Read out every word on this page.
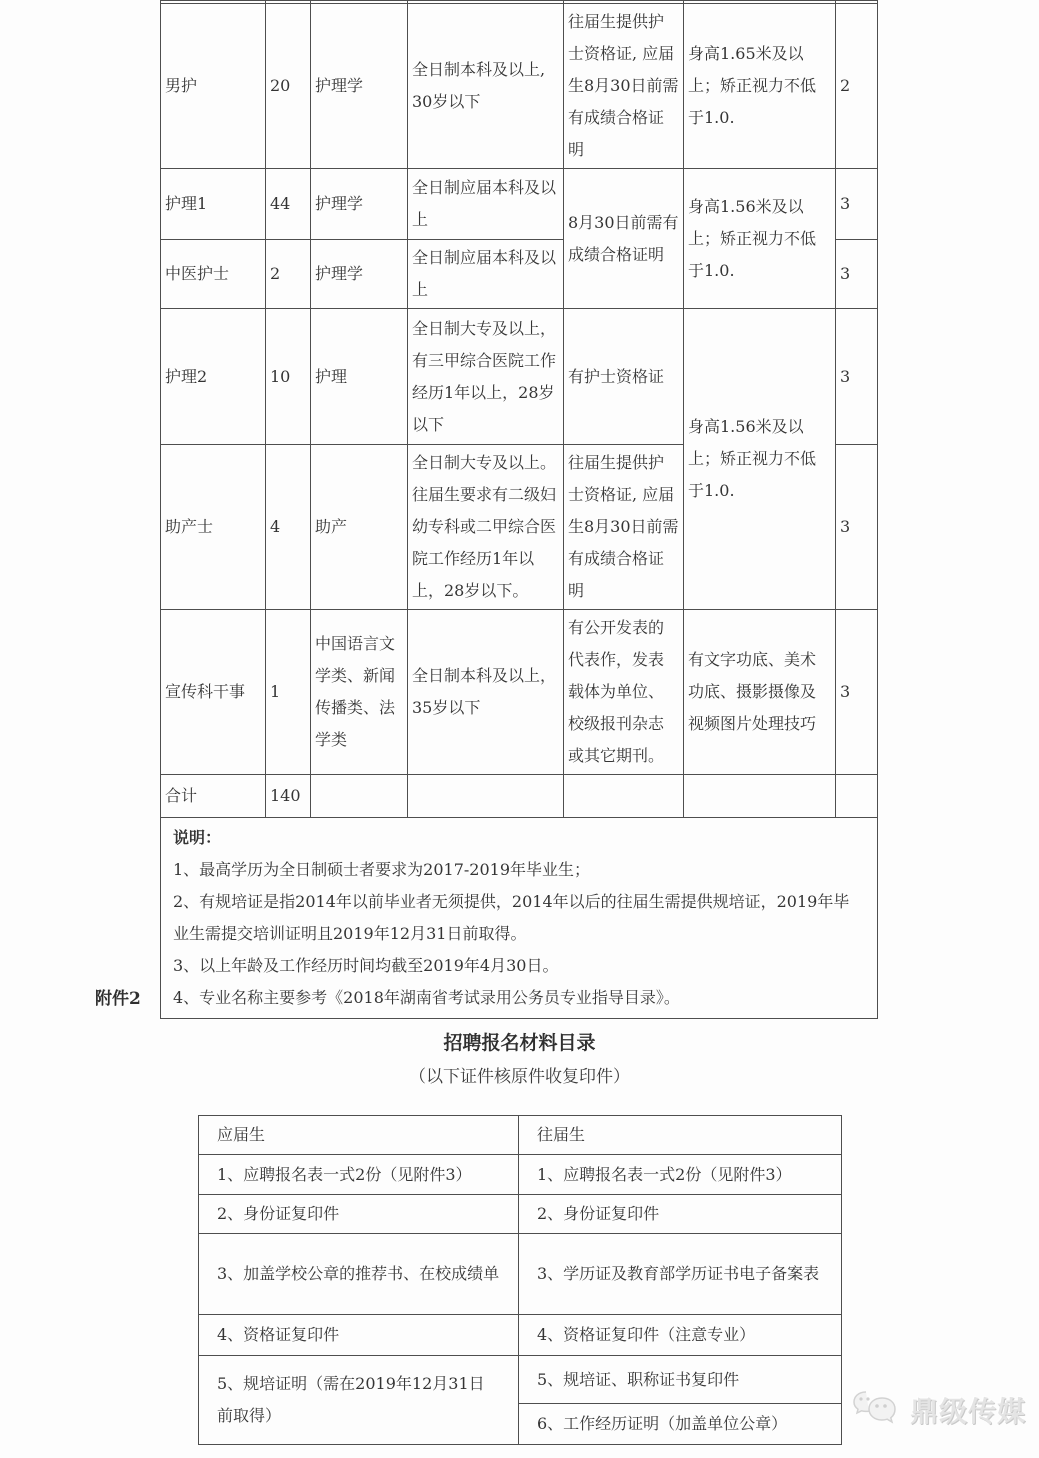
男护	20	护理学	全日制本科及以上, 30岁以下	往届生提供护士资格证, 应届生8月30日前需有成绩合格证明	身高1.65米及以上；矫正视力不低于1.0.	2
护理1	44	护理学	全日制应届本科及以上	8月30日前需有成绩合格证明	身高1.56米及以上；矫正视力不低于1.0.	3
中医护士	2	护理学	全日制应届本科及以上			3
护理2	10	护理	全日制大专及以上，有三甲综合医院工作经历1年以上，28岁以下	有护士资格证	身高1.56米及以上；矫正视力不低于1.0.	3
助产士	4	助产	全日制大专及以上。往届生要求有二级妇幼专科或二甲综合医院工作经历1年以上，28岁以下。	往届生提供护士资格证, 应届生8月30日前需有成绩合格证明		3
宣传科干事	1	中国语言文学类、新闻传播类、法学类	全日制本科及以上，35岁以下	有公开发表的代表作，发表载体为单位、校级报刊杂志或其它期刊。	有文字功底、美术功底、摄影摄像及视频图片处理技巧	3
合计	140					

说明：
1、最高学历为全日制硕士者要求为2017-2019年毕业生；
2、有规培证是指2014年以前毕业者无须提供，2014年以后的往届生需提供规培证，2019年毕业生需提交培训证明且2019年12月31日前取得。
3、以上年龄及工作经历时间均截至2019年4月30日。
4、专业名称主要参考《2018年湖南省考试录用公务员专业指导目录》。						
附件2
招聘报名材料目录
（以下证件核原件收复印件）
应届生	往届生
1、应聘报名表一式2份（见附件3）	1、应聘报名表一式2份（见附件3）
2、身份证复印件	2、身份证复印件
3、加盖学校公章的推荐书、在校成绩单	3、学历证及教育部学历证书电子备案表
4、资格证复印件	4、资格证复印件（注意专业）
5、规培证明（需在2019年12月31日前取得）	5、规培证、职称证书复印件
	6、工作经历证明（加盖单位公章）	鼎级传媒
